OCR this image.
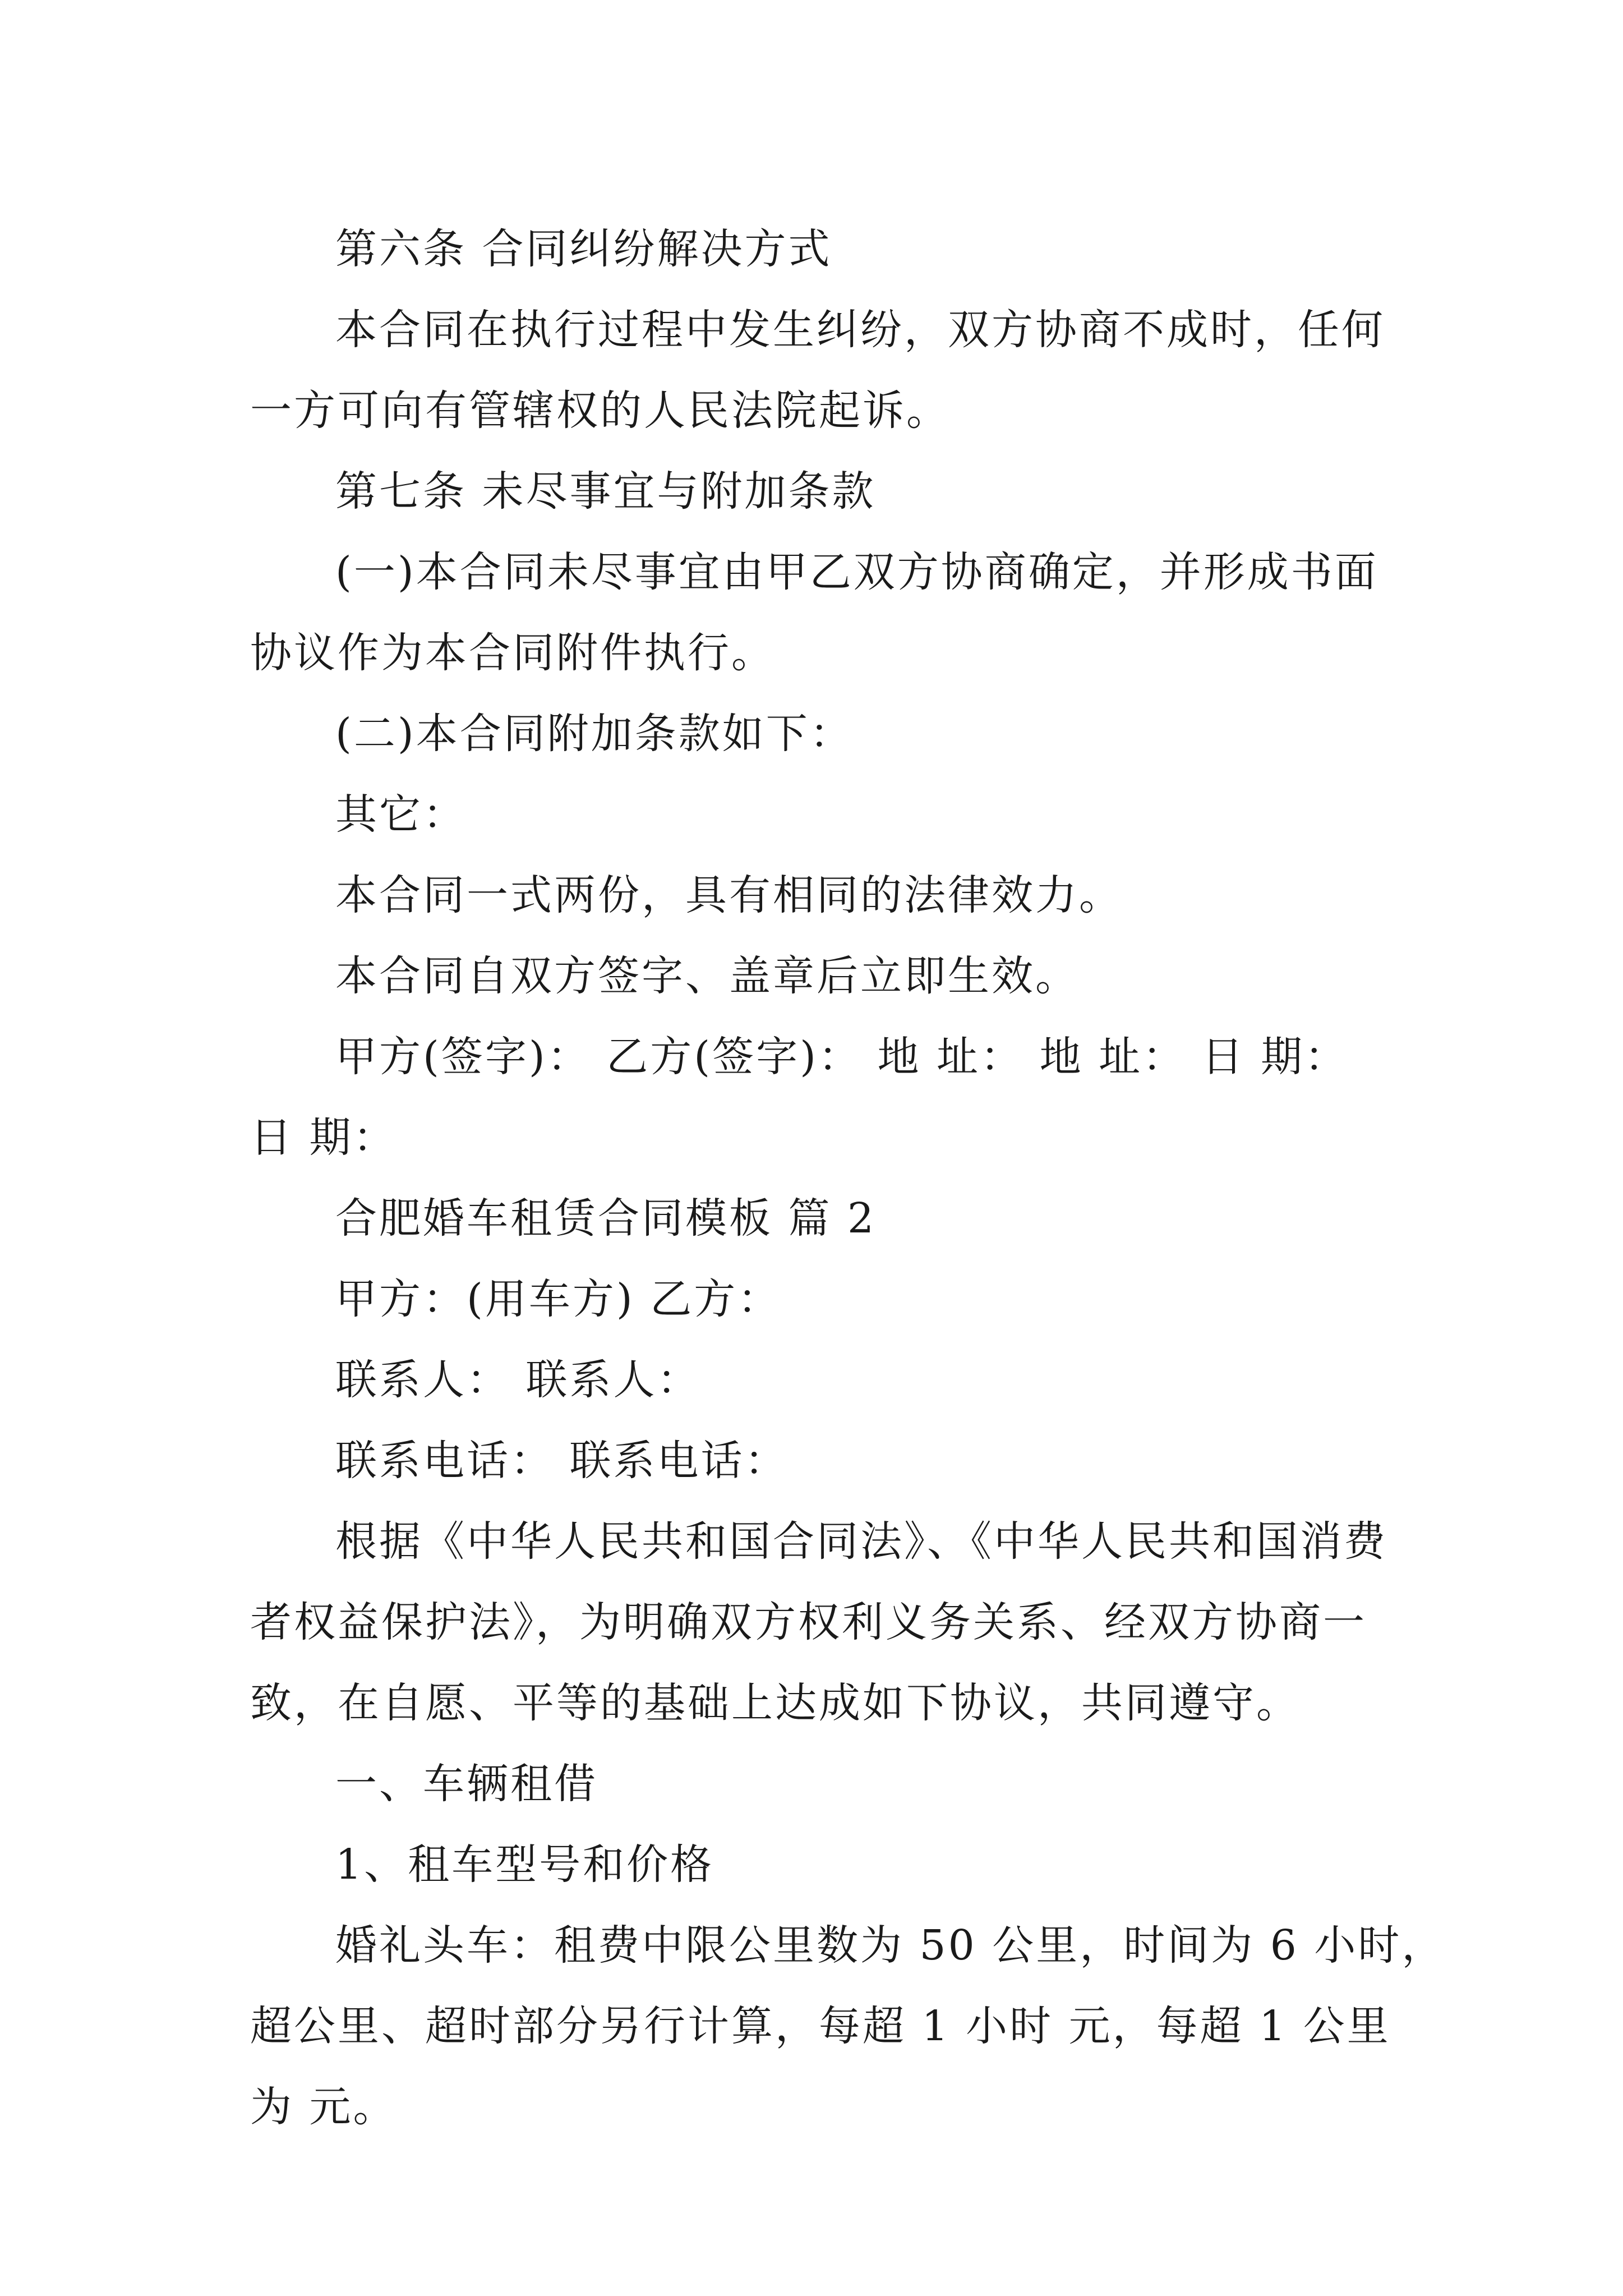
第六条 合同纠纷解决方式
本合同在执行过程中发生纠纷，双方协商不成时，任何
一方可向有管辖权的人民法院起诉。
第七条 未尽事宜与附加条款
(一)本合同未尽事宜由甲乙双方协商确定，并形成书面
协议作为本合同附件执行。
(二)本合同附加条款如下：
其它：
本合同一式两份，具有相同的法律效力。
本合同自双方签字、盖章后立即生效。
甲方(签字)： 乙方(签字)： 地 址： 地 址： 日 期：
日 期：
合肥婚车租赁合同模板 篇 2
甲方：(用车方) 乙方：
联系人： 联系人：
联系电话： 联系电话：
根据《中华人民共和国合同法》、《中华人民共和国消费
者权益保护法》，为明确双方权利义务关系、经双方协商一
致，在自愿、平等的基础上达成如下协议，共同遵守。
一、车辆租借
1、租车型号和价格
婚礼头车：租费中限公里数为 50 公里，时间为 6 小时，
超公里、超时部分另行计算，每超 1 小时 元，每超 1 公里
为 元。
